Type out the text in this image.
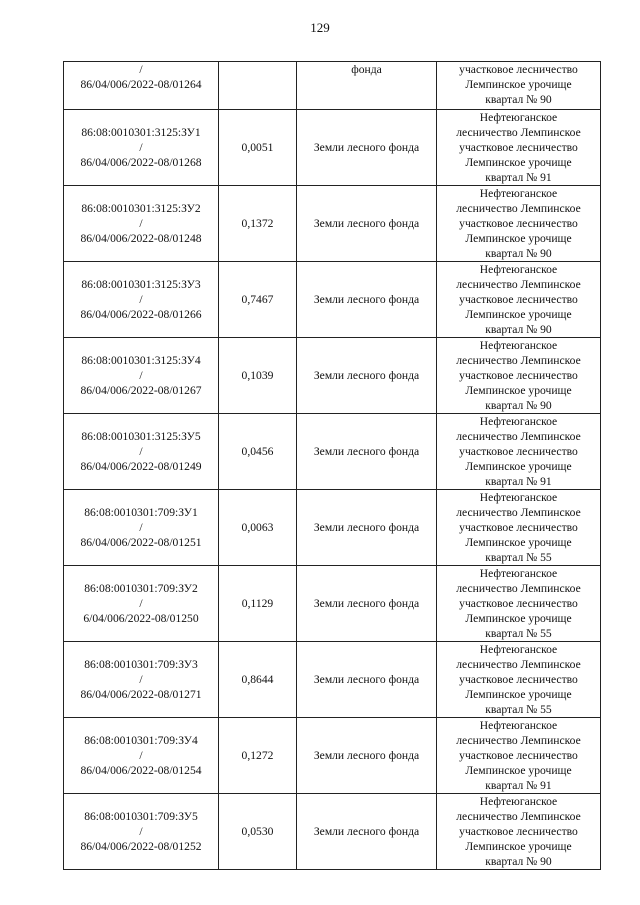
129
/
86/04/006/2022-08/01264		фонда	участковое лесничество
Лемпинское урочище
квартал № 90

86:08:0010301:3125:ЗУ1
/
86/04/006/2022-08/01268	0,0051	Земли лесного фонда	Нефтеюганское
лесничество Лемпинское
участковое лесничество
Лемпинское урочище
квартал № 91

86:08:0010301:3125:ЗУ2
/
86/04/006/2022-08/01248	0,1372	Земли лесного фонда	Нефтеюганское
лесничество Лемпинское
участковое лесничество
Лемпинское урочище
квартал № 90

86:08:0010301:3125:ЗУ3
/
86/04/006/2022-08/01266	0,7467	Земли лесного фонда	Нефтеюганское
лесничество Лемпинское
участковое лесничество
Лемпинское урочище
квартал № 90

86:08:0010301:3125:ЗУ4
/
86/04/006/2022-08/01267	0,1039	Земли лесного фонда	Нефтеюганское
лесничество Лемпинское
участковое лесничество
Лемпинское урочище
квартал № 90

86:08:0010301:3125:ЗУ5
/
86/04/006/2022-08/01249	0,0456	Земли лесного фонда	Нефтеюганское
лесничество Лемпинское
участковое лесничество
Лемпинское урочище
квартал № 91

86:08:0010301:709:ЗУ1
/
86/04/006/2022-08/01251	0,0063	Земли лесного фонда	Нефтеюганское
лесничество Лемпинское
участковое лесничество
Лемпинское урочище
квартал № 55

86:08:0010301:709:ЗУ2
/
6/04/006/2022-08/01250	0,1129	Земли лесного фонда	Нефтеюганское
лесничество Лемпинское
участковое лесничество
Лемпинское урочище
квартал № 55

86:08:0010301:709:ЗУ3
/
86/04/006/2022-08/01271	0,8644	Земли лесного фонда	Нефтеюганское
лесничество Лемпинское
участковое лесничество
Лемпинское урочище
квартал № 55

86:08:0010301:709:ЗУ4
/
86/04/006/2022-08/01254	0,1272	Земли лесного фонда	Нефтеюганское
лесничество Лемпинское
участковое лесничество
Лемпинское урочище
квартал № 91

86:08:0010301:709:ЗУ5
/
86/04/006/2022-08/01252	0,0530	Земли лесного фонда	Нефтеюганское
лесничество Лемпинское
участковое лесничество
Лемпинское урочище
квартал № 90
